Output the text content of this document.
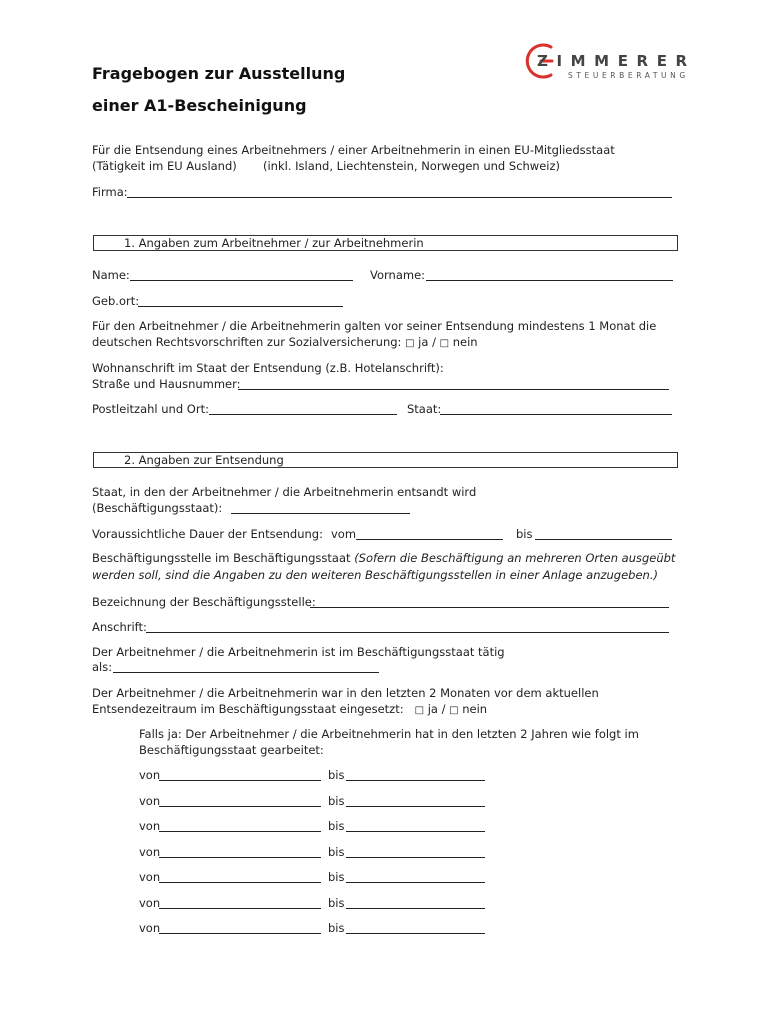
ZIMMERER
STEUERBERATUNG
Fragebogen zur Ausstellung
einer A1-Bescheinigung
Für die Entsendung eines Arbeitnehmers / einer Arbeitnehmerin in einen EU-Mitgliedsstaat
(Tätigkeit im EU Ausland) (inkl. Island, Liechtenstein, Norwegen und Schweiz)
Firma:
1. Angaben zum Arbeitnehmer / zur Arbeitnehmerin
Name:	Vorname:
Geb.ort:
Für den Arbeitnehmer / die Arbeitnehmerin galten vor seiner Entsendung mindestens 1 Monat die
deutschen Rechtsvorschriften zur Sozialversicherung: □ ja / □ nein
Wohnanschrift im Staat der Entsendung (z.B. Hotelanschrift):
Straße und Hausnummer:
Postleitzahl und Ort:	Staat:
2. Angaben zur Entsendung
Staat, in den der Arbeitnehmer / die Arbeitnehmerin entsandt wird
(Beschäftigungsstaat):
Voraussichtliche Dauer der Entsendung: vom	bis
Beschäftigungsstelle im Beschäftigungsstaat (Sofern die Beschäftigung an mehreren Orten ausgeübt
werden soll, sind die Angaben zu den weiteren Beschäftigungsstellen in einer Anlage anzugeben.)
Bezeichnung der Beschäftigungsstelle:
Anschrift:
Der Arbeitnehmer / die Arbeitnehmerin ist im Beschäftigungsstaat tätig
als:
Der Arbeitnehmer / die Arbeitnehmerin war in den letzten 2 Monaten vor dem aktuellen
Entsendezeitraum im Beschäftigungsstaat eingesetzt: □ ja / □ nein
Falls ja: Der Arbeitnehmer / die Arbeitnehmerin hat in den letzten 2 Jahren wie folgt im
Beschäftigungsstaat gearbeitet:
von	bis
von	bis
von	bis
von	bis
von	bis
von	bis
von	bis
